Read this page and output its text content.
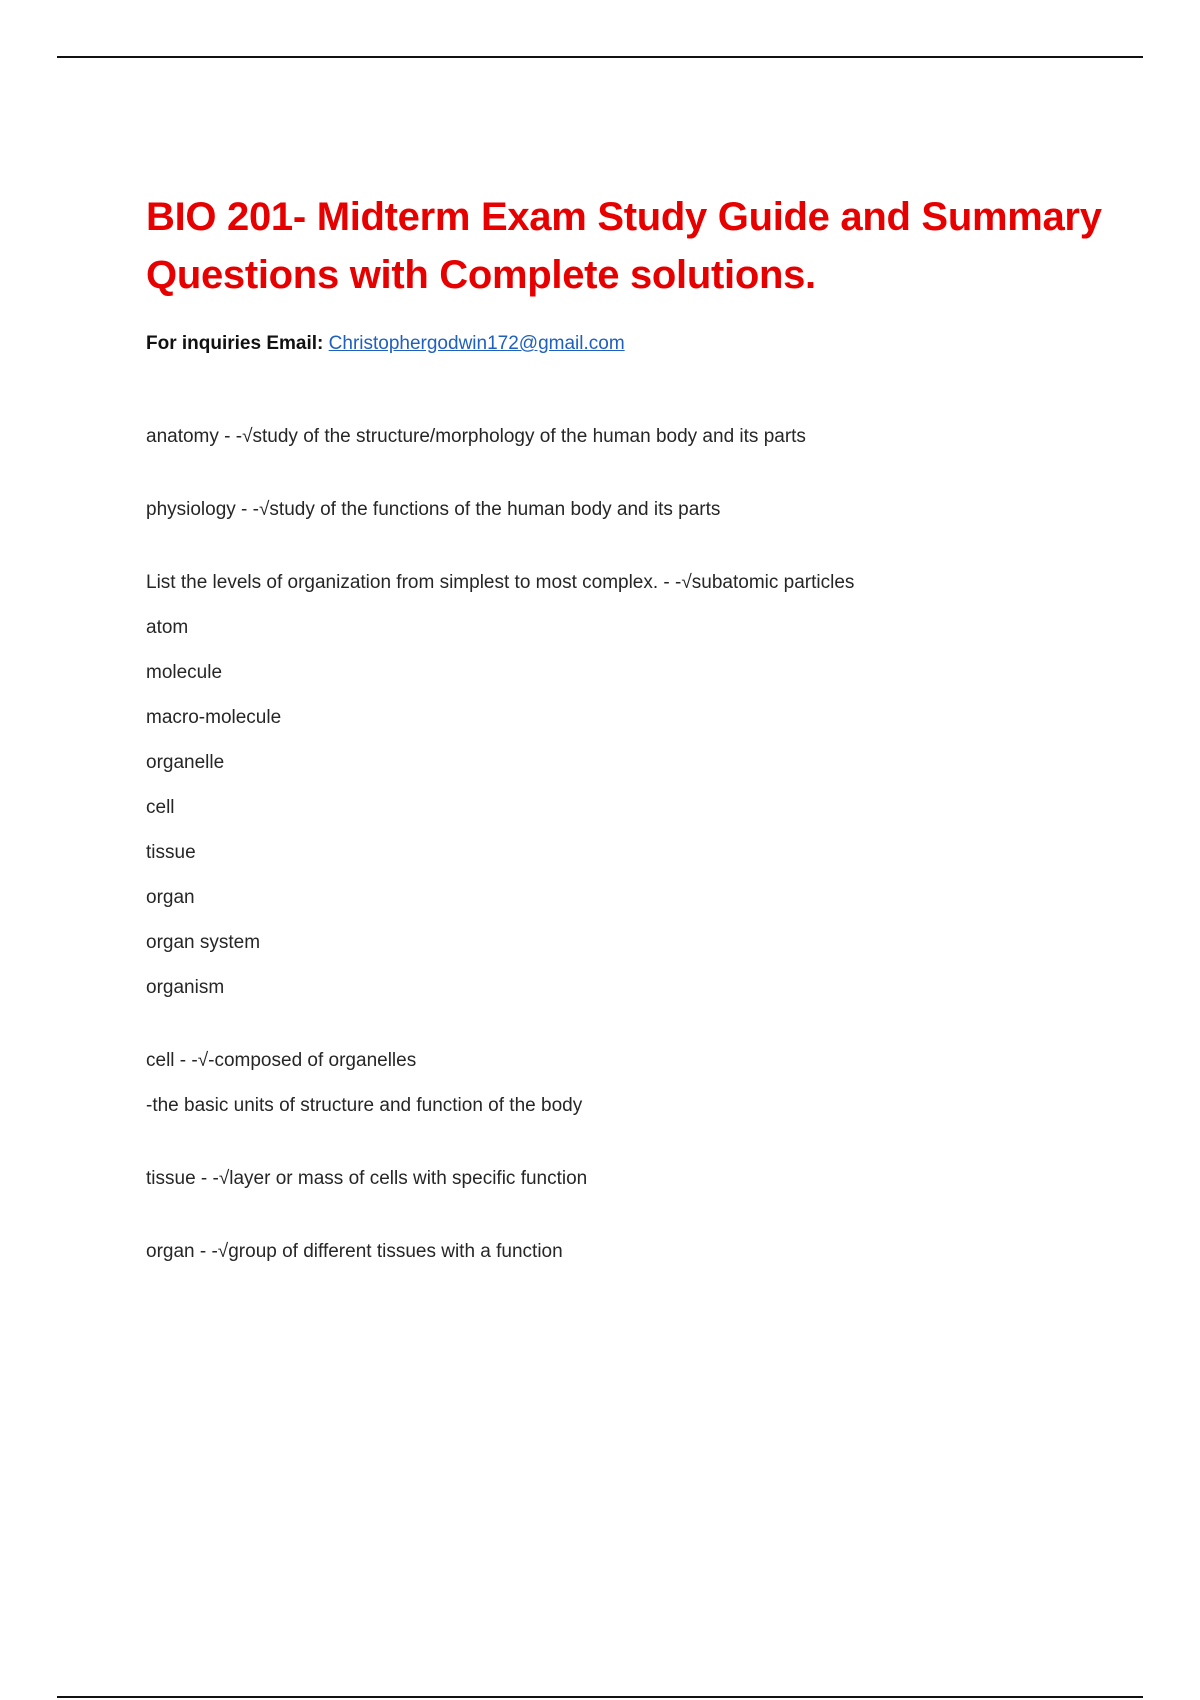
BIO 201- Midterm Exam Study Guide and Summary Questions with Complete solutions.
For inquiries Email: Christophergodwin172@gmail.com

anatomy - -√study of the structure/morphology of the human body and its parts

physiology - -√study of the functions of the human body and its parts

List the levels of organization from simplest to most complex. - -√subatomic particles

atom

molecule

macro-molecule

organelle

cell

tissue

organ

organ system

organism

cell - -√-composed of organelles

-the basic units of structure and function of the body

tissue - -√layer or mass of cells with specific function

organ - -√group of different tissues with a function
